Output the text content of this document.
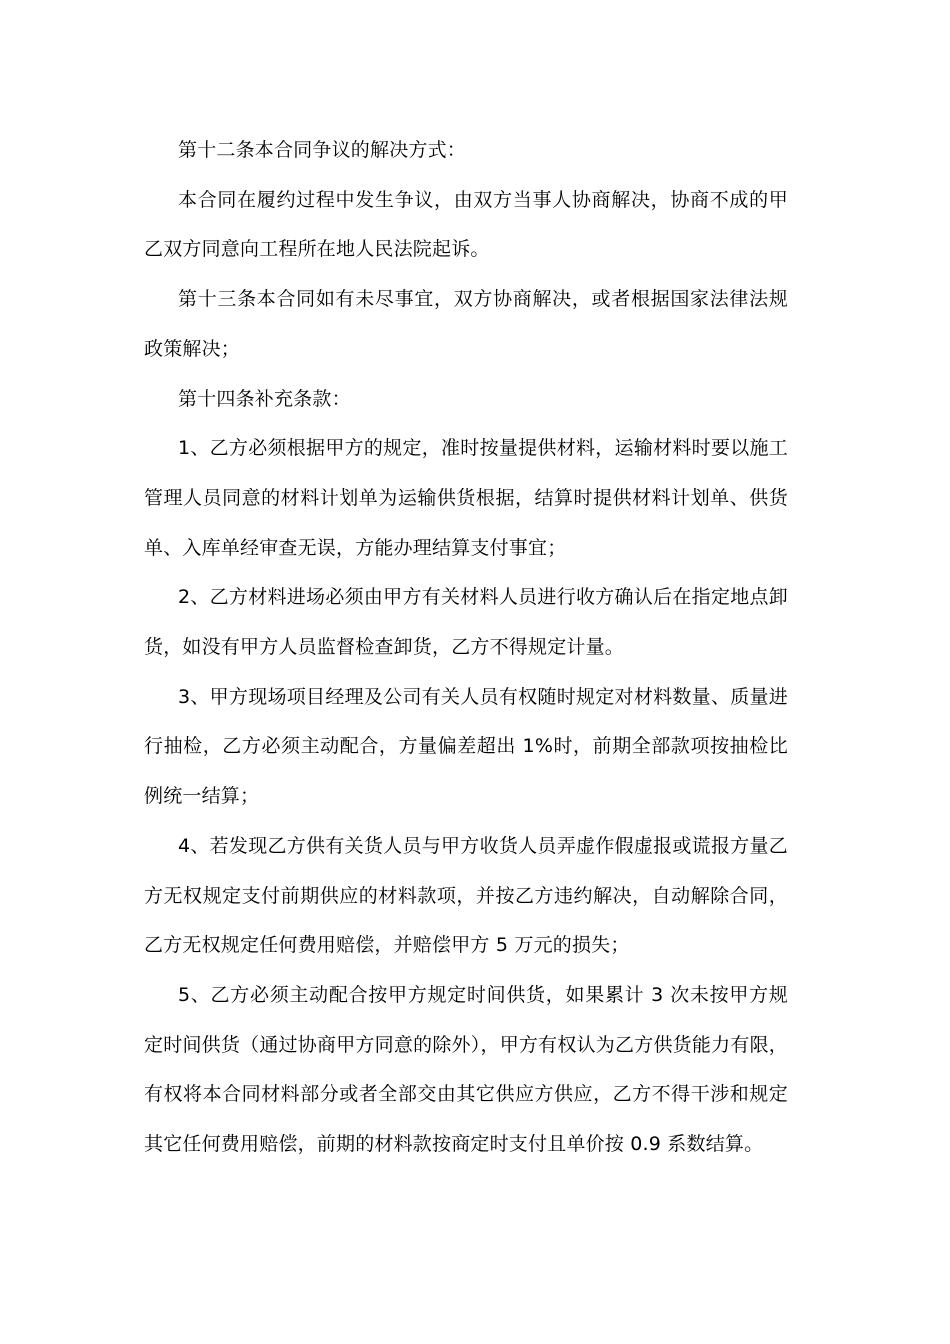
第十二条本合同争议的解决方式：

本合同在履约过程中发生争议，由双方当事人协商解决，协商不成的甲乙双方同意向工程所在地人民法院起诉。

第十三条本合同如有未尽事宜，双方协商解决，或者根据国家法律法规政策解决；

第十四条补充条款：

1、乙方必须根据甲方的规定，准时按量提供材料，运输材料时要以施工管理人员同意的材料计划单为运输供货根据，结算时提供材料计划单、供货单、入库单经审查无误，方能办理结算支付事宜；

2、乙方材料进场必须由甲方有关材料人员进行收方确认后在指定地点卸货，如没有甲方人员监督检查卸货，乙方不得规定计量。

3、甲方现场项目经理及公司有关人员有权随时规定对材料数量、质量进行抽检，乙方必须主动配合，方量偏差超出 1%时，前期全部款项按抽检比例统一结算；

4、若发现乙方供有关货人员与甲方收货人员弄虚作假虚报或谎报方量乙方无权规定支付前期供应的材料款项，并按乙方违约解决，自动解除合同，乙方无权规定任何费用赔偿，并赔偿甲方 5 万元的损失；

5、乙方必须主动配合按甲方规定时间供货，如果累计 3 次未按甲方规定时间供货（通过协商甲方同意的除外），甲方有权认为乙方供货能力有限，有权将本合同材料部分或者全部交由其它供应方供应，乙方不得干涉和规定其它任何费用赔偿，前期的材料款按商定时支付且单价按 0.9 系数结算。
